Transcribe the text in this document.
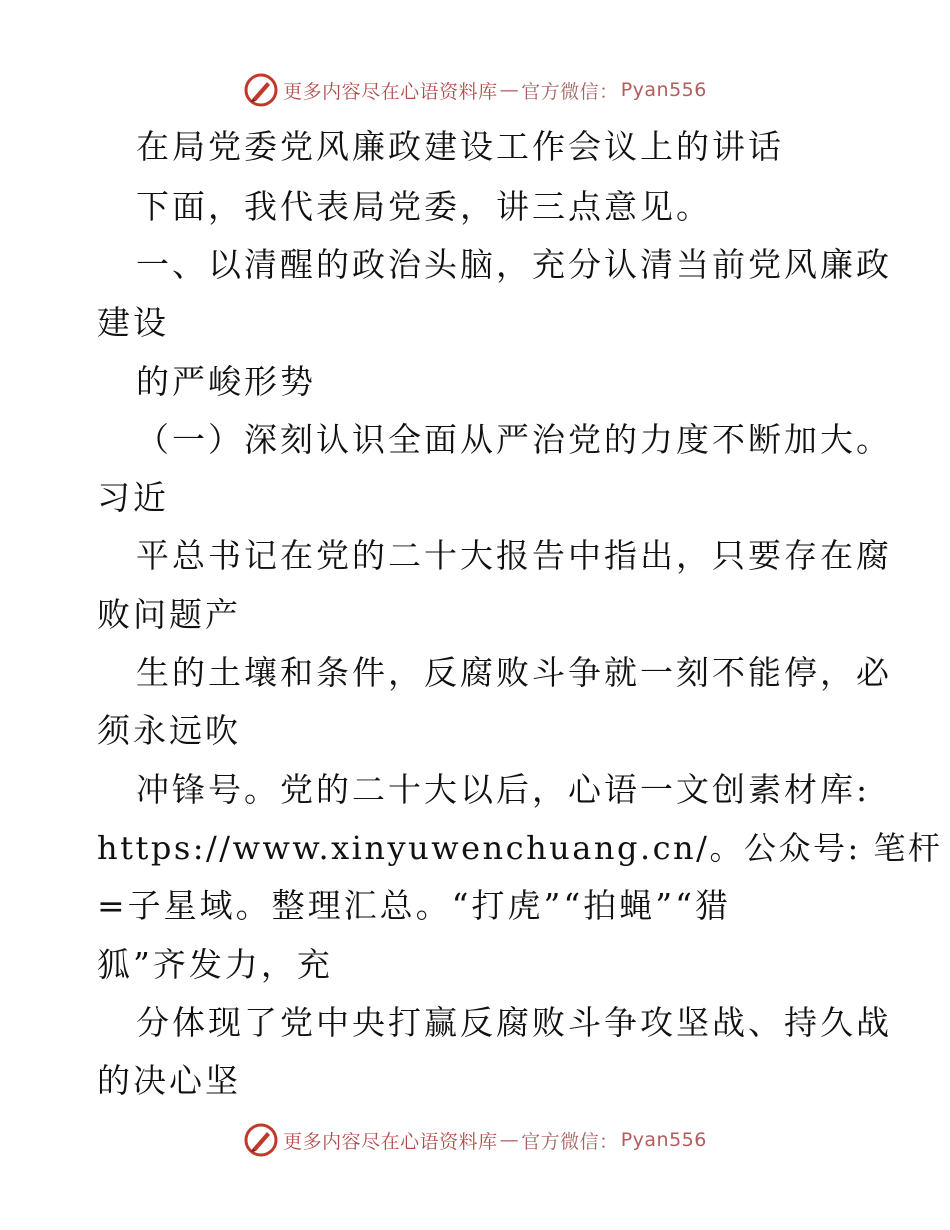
更多内容尽在心语资料库 — 官方微信： Pyan556
在局党委党风廉政建设工作会议上的讲话
下面，我代表局党委，讲三点意见。
一、以清醒的政治头脑，充分认清当前党风廉政
建设
的严峻形势
（一）深刻认识全面从严治党的力度不断加大。
习近
平总书记在党的二十大报告中指出，只要存在腐
败问题产
生的土壤和条件，反腐败斗争就一刻不能停，必
须永远吹
冲锋号。党的二十大以后，心语一文创素材库:
https://www.xinyuwenchuang.cn/。公众号: 笔杆
=子星域。整理汇总。“打虎”“拍蝇”“猎
狐”齐发力，充
分体现了党中央打赢反腐败斗争攻坚战、持久战
的决心坚
更多内容尽在心语资料库 — 官方微信： Pyan556
